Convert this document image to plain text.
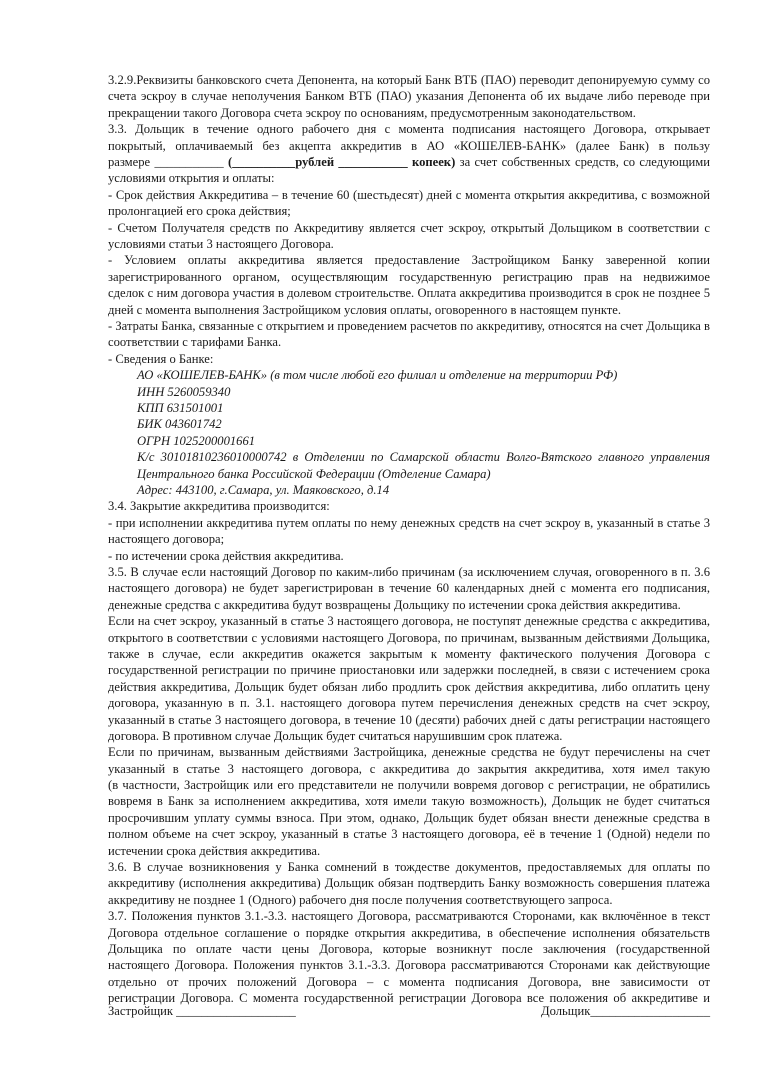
3.2.9.Реквизиты банковского счета Депонента, на который Банк ВТБ (ПАО) переводит депонируемую сумму со
счета эскроу в случае неполучения Банком ВТБ (ПАО) указания Депонента об их выдаче либо переводе при
прекращении такого Договора счета эскроу по основаниям, предусмотренным законодательством.
3.3. Дольщик в течение одного рабочего дня с момента подписания настоящего Договора, открывает
покрытый, оплачиваемый без акцепта аккредитив в АО «КОШЕЛЕВ-БАНК» (далее Банк) в пользу
размере ___________ (__________рублей ___________ копеек) за счет собственных средств, со следующими
условиями открытия и оплаты:
- Срок действия Аккредитива – в течение 60 (шестьдесят) дней с момента открытия аккредитива, с возможной
пролонгацией его срока действия;
- Счетом Получателя средств по Аккредитиву является счет эскроу, открытый Дольщиком в соответствии с
условиями статьи 3 настоящего Договора.
- Условием оплаты аккредитива является предоставление Застройщиком Банку заверенной копии
зарегистрированного органом, осуществляющим государственную регистрацию прав на недвижимое
сделок с ним договора участия в долевом строительстве. Оплата аккредитива производится в срок не позднее 5
дней с момента выполнения Застройщиком условия оплаты, оговоренного в настоящем пункте.
- Затраты Банка, связанные с открытием и проведением расчетов по аккредитиву, относятся на счет Дольщика в
соответствии с тарифами Банка.
- Сведения о Банке:
АО «КОШЕЛЕВ-БАНК» (в том числе любой его филиал и отделение на территории РФ)
ИНН 5260059340
КПП 631501001
БИК 043601742
ОГРН 1025200001661
К/с 30101810236010000742 в Отделении по Самарской области Волго-Вятского главного управления
Центрального банка Российской Федерации (Отделение Самара)
Адрес: 443100, г.Самара, ул. Маяковского, д.14
3.4. Закрытие аккредитива производится:
- при исполнении аккредитива путем оплаты по нему денежных средств на счет эскроу в, указанный в статье 3
настоящего договора;
- по истечении срока действия аккредитива.
3.5. В случае если настоящий Договор по каким-либо причинам (за исключением случая, оговоренного в п. 3.6
настоящего договора) не будет зарегистрирован в течение 60 календарных дней с момента его подписания,
денежные средства с аккредитива будут возвращены Дольщику по истечении срока действия аккредитива.
Если на счет эскроу, указанный в статье 3 настоящего договора, не поступят денежные средства с аккредитива,
открытого в соответствии с условиями настоящего Договора, по причинам, вызванным действиями Дольщика,
также в случае, если аккредитив окажется закрытым к моменту фактического получения Договора с
государственной регистрации по причине приостановки или задержки последней, в связи с истечением срока
действия аккредитива, Дольщик будет обязан либо продлить срок действия аккредитива, либо оплатить цену
договора, указанную в п. 3.1. настоящего договора путем перечисления денежных средств на счет эскроу,
указанный в статье 3 настоящего договора, в течение 10 (десяти) рабочих дней с даты регистрации настоящего
договора. В противном случае Дольщик будет считаться нарушившим срок платежа.
Если по причинам, вызванным действиями Застройщика, денежные средства не будут перечислены на счет
указанный в статье 3 настоящего договора, с аккредитива до закрытия аккредитива, хотя имел такую
(в частности, Застройщик или его представители не получили вовремя договор с регистрации, не обратились
вовремя в Банк за исполнением аккредитива, хотя имели такую возможность), Дольщик не будет считаться
просрочившим уплату суммы взноса. При этом, однако, Дольщик будет обязан внести денежные средства в
полном объеме на счет эскроу, указанный в статье 3 настоящего договора, её в течение 1 (Одной) недели по
истечении срока действия аккредитива.
3.6. В случае возникновения у Банка сомнений в тождестве документов, предоставляемых для оплаты по
аккредитиву (исполнения аккредитива) Дольщик обязан подтвердить Банку возможность совершения платежа
аккредитиву не позднее 1 (Одного) рабочего дня после получения соответствующего запроса.
3.7. Положения пунктов 3.1.-3.3. настоящего Договора, рассматриваются Сторонами, как включённое в текст
Договора отдельное соглашение о порядке открытия аккредитива, в обеспечение исполнения обязательств
Дольщика по оплате части цены Договора, которые возникнут после заключения (государственной
настоящего Договора. Положения пунктов 3.1.-3.3. Договора рассматриваются Сторонами как действующие
отдельно от прочих положений Договора – с момента подписания Договора, вне зависимости от
регистрации Договора. С момента государственной регистрации Договора все положения об аккредитиве и
Застройщик ___________________	Дольщик___________________
